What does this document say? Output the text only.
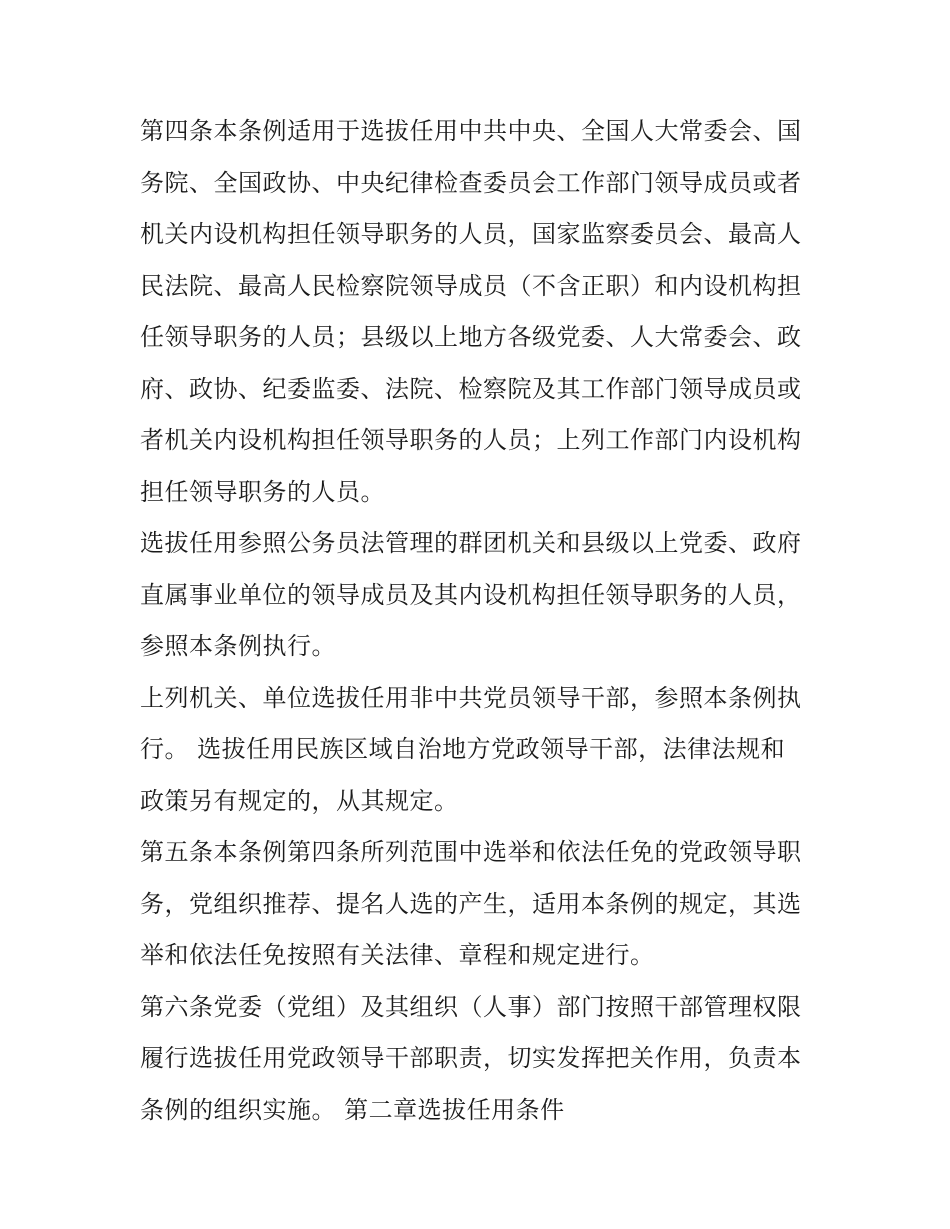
第四条本条例适用于选拔任用中共中央、全国人大常委会、国
务院、全国政协、中央纪律检查委员会工作部门领导成员或者
机关内设机构担任领导职务的人员，国家监察委员会、最高人
民法院、最高人民检察院领导成员（不含正职）和内设机构担
任领导职务的人员；县级以上地方各级党委、人大常委会、政
府、政协、纪委监委、法院、检察院及其工作部门领导成员或
者机关内设机构担任领导职务的人员；上列工作部门内设机构
担任领导职务的人员。
选拔任用参照公务员法管理的群团机关和县级以上党委、政府
直属事业单位的领导成员及其内设机构担任领导职务的人员，
参照本条例执行。
上列机关、单位选拔任用非中共党员领导干部，参照本条例执
行。 选拔任用民族区域自治地方党政领导干部，法律法规和
政策另有规定的，从其规定。
第五条本条例第四条所列范围中选举和依法任免的党政领导职
务，党组织推荐、提名人选的产生，适用本条例的规定，其选
举和依法任免按照有关法律、章程和规定进行。
第六条党委（党组）及其组织（人事）部门按照干部管理权限
履行选拔任用党政领导干部职责，切实发挥把关作用，负责本
条例的组织实施。 第二章选拔任用条件
